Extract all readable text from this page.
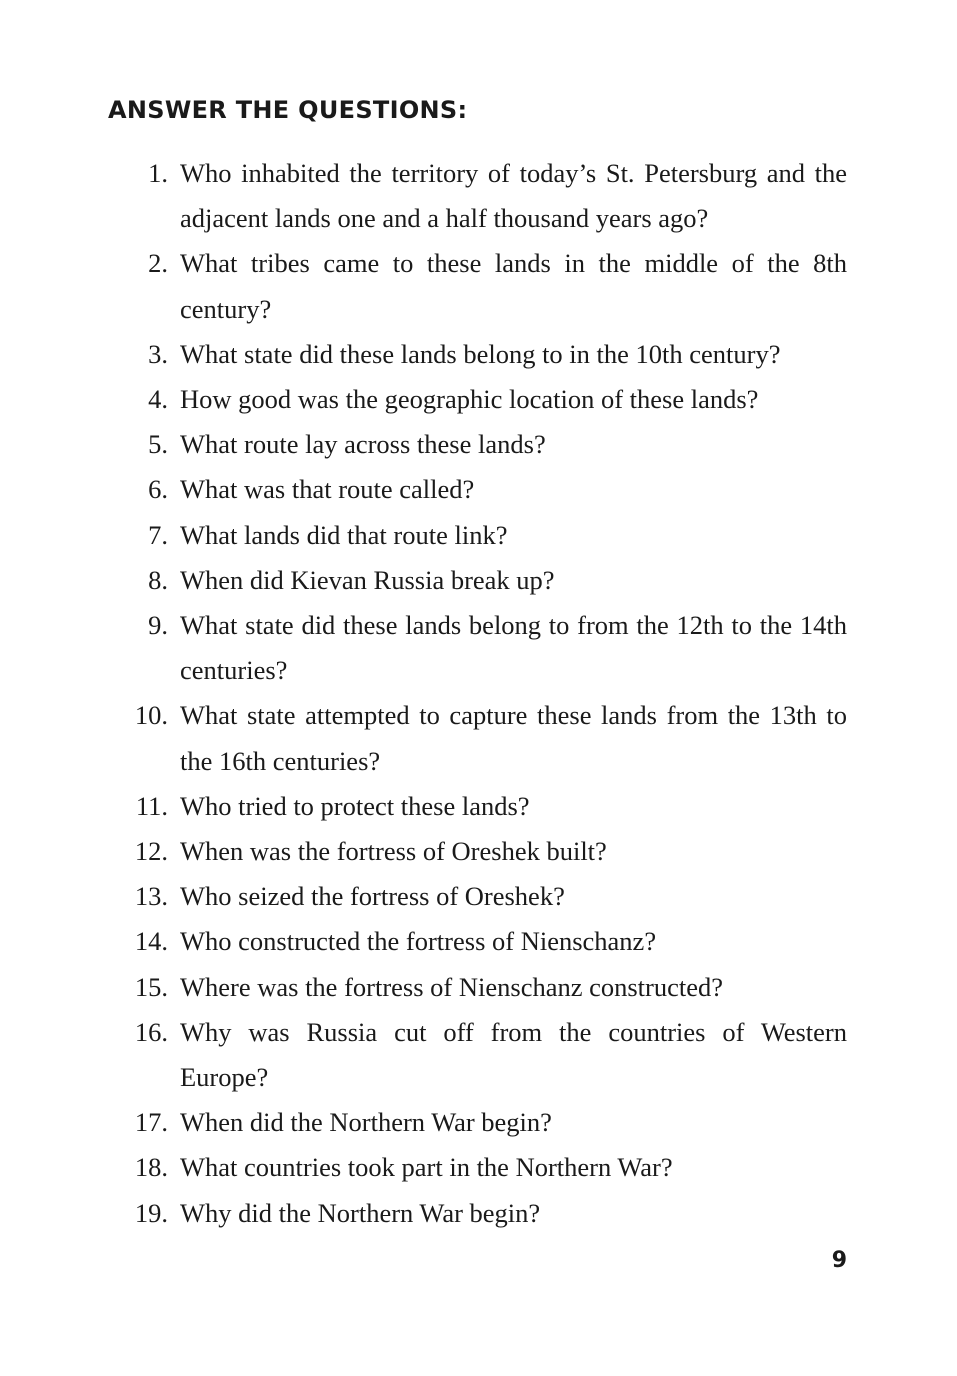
ANSWER THE QUESTIONS:
1. Who inhabited the territory of today’s St. Petersburg and the adjacent lands one and a half thousand years ago?
2. What tribes came to these lands in the middle of the 8th century?
3. What state did these lands belong to in the 10th century?
4. How good was the geographic location of these lands?
5. What route lay across these lands?
6. What was that route called?
7. What lands did that route link?
8. When did Kievan Russia break up?
9. What state did these lands belong to from the 12th to the 14th centuries?
10. What state attempted to capture these lands from the 13th to the 16th centuries?
11. Who tried to protect these lands?
12. When was the fortress of Oreshek built?
13. Who seized the fortress of Oreshek?
14. Who constructed the fortress of Nienschanz?
15. Where was the fortress of Nienschanz constructed?
16. Why was Russia cut off from the countries of Western Europe?
17. When did the Northern War begin?
18. What countries took part in the Northern War?
19. Why did the Northern War begin?
9
